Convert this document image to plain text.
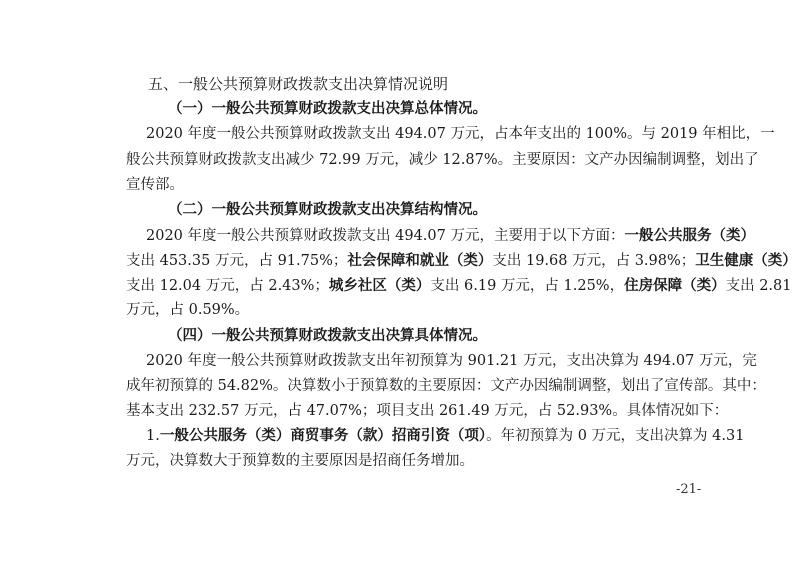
五、一般公共预算财政拨款支出决算情况说明
（一）一般公共预算财政拨款支出决算总体情况。
2020 年度一般公共预算财政拨款支出 494.07 万元，占本年支出的 100%。与 2019 年相比，一
般公共预算财政拨款支出减少 72.99 万元，减少 12.87%。主要原因：文产办因编制调整，划出了
宣传部。
（二）一般公共预算财政拨款支出决算结构情况。
2020 年度一般公共预算财政拨款支出 494.07 万元，主要用于以下方面：一般公共服务（类）
支出 453.35 万元，占 91.75%；社会保障和就业（类）支出 19.68 万元，占 3.98%；卫生健康（类）
支出 12.04 万元，占 2.43%；城乡社区（类）支出 6.19 万元，占 1.25%，住房保障（类）支出 2.81
万元，占 0.59%。
（四）一般公共预算财政拨款支出决算具体情况。
2020 年度一般公共预算财政拨款支出年初预算为 901.21 万元，支出决算为 494.07 万元，完
成年初预算的 54.82%。决算数小于预算数的主要原因：文产办因编制调整，划出了宣传部。其中：
基本支出 232.57 万元，占 47.07%；项目支出 261.49 万元，占 52.93%。具体情况如下：
1.一般公共服务（类）商贸事务（款）招商引资（项）。年初预算为 0 万元，支出决算为 4.31
万元，决算数大于预算数的主要原因是招商任务增加。
-21-
